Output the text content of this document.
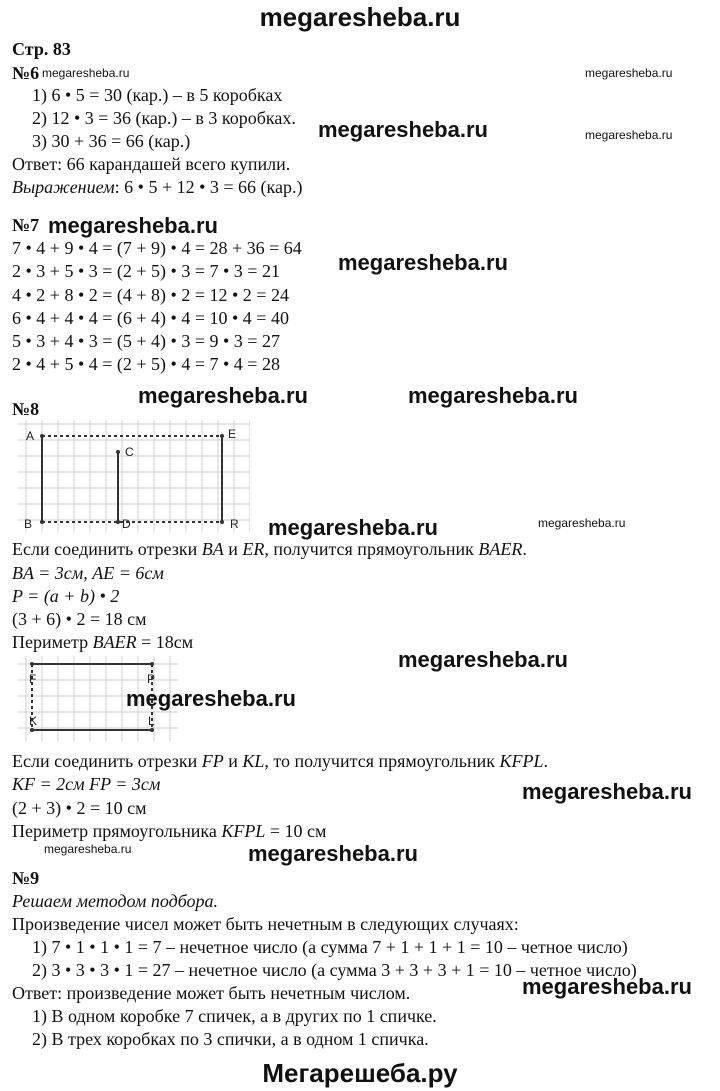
megaresheba.ru
Мегарешеба.ру
Стр. 83
№6
1) 6 • 5 = 30 (кар.) – в 5 коробках
2) 12 • 3 = 36 (кар.) – в 3 коробках.
3) 30 + 36 = 66 (кар.)
Ответ: 66 карандашей всего купили.
Выражением: 6 • 5 + 12 • 3 = 66 (кар.)
№7
7 • 4 + 9 • 4 = (7 + 9) • 4 = 28 + 36 = 64
2 • 3 + 5 • 3 = (2 + 5) • 3 = 7 • 3 = 21
4 • 2 + 8 • 2 = (4 + 8) • 2 = 12 • 2 = 24
6 • 4 + 4 • 4 = (6 + 4) • 4 = 10 • 4 = 40
5 • 3 + 4 • 3 = (5 + 4) • 3 = 9 • 3 = 27
2 • 4 + 5 • 4 = (2 + 5) • 4 = 7 • 4 = 28
№8
A	E
C
B	D	R
Если соединить отрезки BA и ER, получится прямоугольник BAER.
BA = 3см, AE = 6см
P = (a + b) • 2
(3 + 6) • 2 = 18 см
Периметр BAER = 18см
F	P
K	L
Если соединить отрезки FP и KL, то получится прямоугольник KFPL.
KF = 2см FP = 3см
(2 + 3) • 2 = 10 см
Периметр прямоугольника KFPL = 10 см
№9
Решаем методом подбора.
Произведение чисел может быть нечетным в следующих случаях:
1) 7 • 1 • 1 • 1 = 7 – нечетное число (а сумма 7 + 1 + 1 + 1 = 10 – четное число)
2) 3 • 3 • 3 • 1 = 27 – нечетное число (а сумма 3 + 3 + 3 + 1 = 10 – четное число)
Ответ: произведение может быть нечетным числом.
1) В одном коробке 7 спичек, а в других по 1 спичке.
2) В трех коробках по 3 спички, а в одном 1 спичка.
megaresheba.ru	megaresheba.ru
megaresheba.ru	megaresheba.ru
megaresheba.ru
megaresheba.ru
megaresheba.ru	megaresheba.ru
megaresheba.ru	megaresheba.ru
megaresheba.ru
megaresheba.ru
megaresheba.ru
megaresheba.ru	megaresheba.ru
megaresheba.ru
